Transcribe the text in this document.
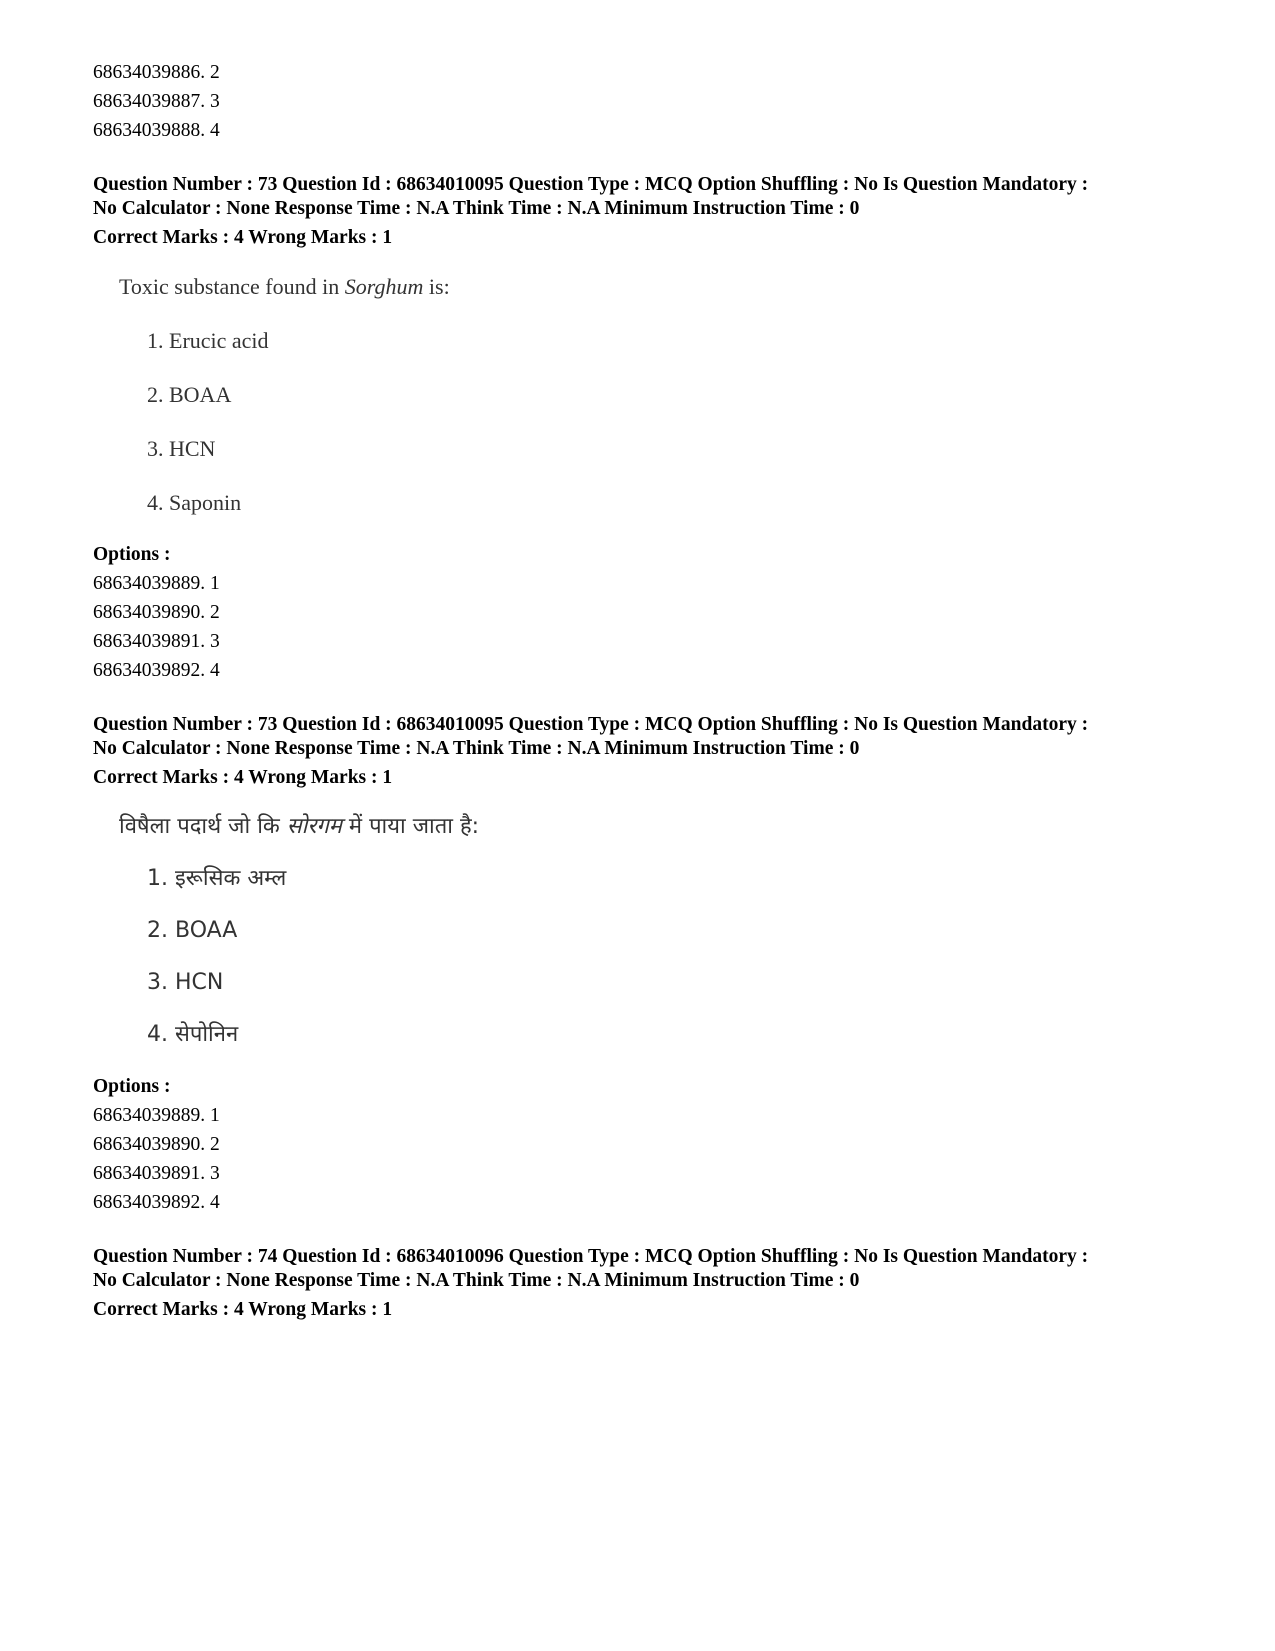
68634039886. 2
68634039887. 3
68634039888. 4
Question Number : 73 Question Id : 68634010095 Question Type : MCQ Option Shuffling : No Is Question Mandatory :
No Calculator : None Response Time : N.A Think Time : N.A Minimum Instruction Time : 0
Correct Marks : 4 Wrong Marks : 1
Toxic substance found in Sorghum is:
1. Erucic acid
2. BOAA
3. HCN
4. Saponin
Options :
68634039889. 1
68634039890. 2
68634039891. 3
68634039892. 4
Question Number : 73 Question Id : 68634010095 Question Type : MCQ Option Shuffling : No Is Question Mandatory :
No Calculator : None Response Time : N.A Think Time : N.A Minimum Instruction Time : 0
Correct Marks : 4 Wrong Marks : 1
विषैला पदार्थ जो कि सोरगम में पाया जाता है:
1. इरूसिक अम्ल
2. BOAA
3. HCN
4. सेपोनिन
Options :
68634039889. 1
68634039890. 2
68634039891. 3
68634039892. 4
Question Number : 74 Question Id : 68634010096 Question Type : MCQ Option Shuffling : No Is Question Mandatory :
No Calculator : None Response Time : N.A Think Time : N.A Minimum Instruction Time : 0
Correct Marks : 4 Wrong Marks : 1
